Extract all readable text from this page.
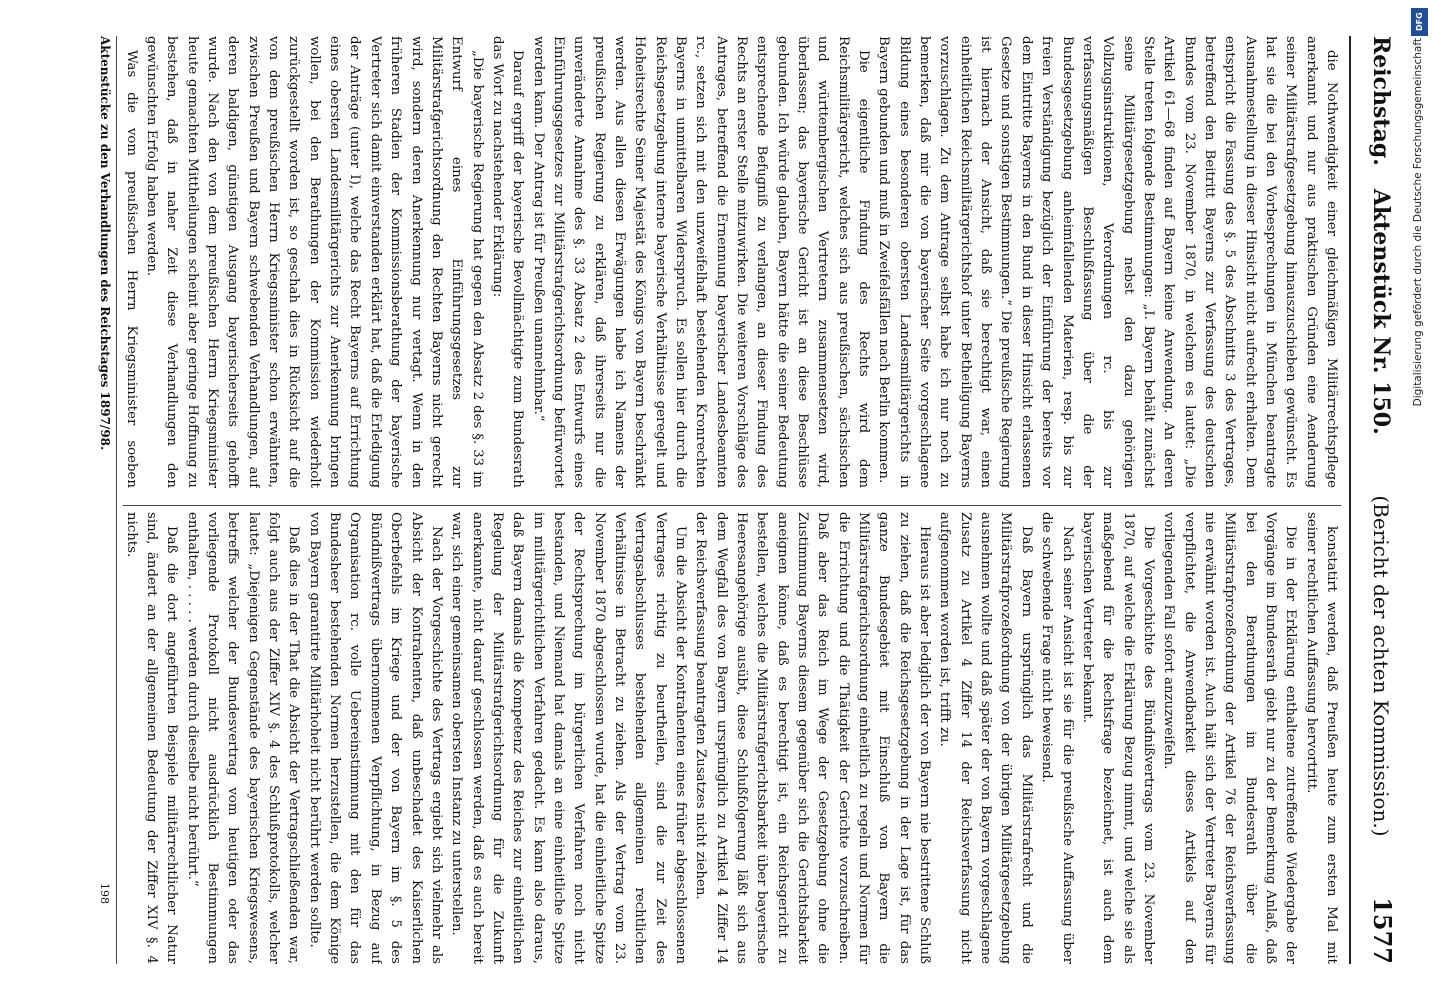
Reichstag.   Aktenstück Nr. 150.
(Bericht der achten Kommission.)
1577

die Nothwendigkeit einer gleichmäßigen Militärrechtspflege anerkannt und nur aus praktischen Gründen eine Aenderung seiner Militärstrafgesetzgebung hinauszuschieben gewünscht. Es hat sie die bei den Vorbesprechungen in München beantragte Ausnahmestellung in dieser Hinsicht nicht aufrecht erhalten. Dem entspricht die Fassung des §. 5 des Abschnitts 3 des Vertrages, betreffend den Beitritt Bayerns zur Verfassung des deutschen Bundes vom 23. November 1870, in welchem es lautet: „Die Artikel 61—68 finden auf Bayern keine Anwendung. An deren Stelle treten folgende Bestimmungen: „I. Bayern behält zunächst seine Militärgesetzgebung nebst den dazu gehörigen Vollzugsinstruktionen, Verordnungen rc. bis zur verfassungsmäßigen Beschlußfassung über die der Bundesgesetzgebung anheimfallenden Materien, resp. bis zur freien Verständigung bezüglich der Einführung der bereits vor dem Eintritte Bayerns in den Bund in dieser Hinsicht erlassenen Gesetze und sonstigen Bestimmungen.“ Die preußische Regierung ist hiernach der Ansicht, daß sie berechtigt war, einen einheitlichen Reichsmilitärgerichtshof unter Betheiligung Bayerns vorzuschlagen. Zu dem Antrage selbst habe ich nur noch zu bemerken, daß mir die von bayerischer Seite vorgeschlagene Bildung eines besonderen obersten Landesmilitärgerichts in Bayern gebunden und muß in Zweifelsfällen nach Berlin kommen.

Die eigentliche Findung des Rechts wird dem Reichsmilitärgericht, welches sich aus preußischen, sächsischen und württembergischen Vertretern zusammensetzen wird, überlassen; das bayerische Gericht ist an diese Beschlüsse gebunden. Ich würde glauben, Bayern hätte die seiner Bedeutung entsprechende Befugniß zu verlangen, an dieser Findung des Rechts an erster Stelle mitzuwirken. Die weiteren Vorschläge des Antrages, betreffend die Ernennung bayerischer Landesbeamten rc., setzen sich mit den unzweifelhaft bestehenden Kronrechten Bayerns in unmittelbaren Widerspruch. Es sollen hier durch die Reichsgesetzgebung interne bayerische Verhältnisse geregelt und Hoheitsrechte Seiner Majestät des Königs von Bayern beschränkt werden. Aus allen diesen Erwägungen habe ich Namens der preußischen Regierung zu erklären, daß ihrerseits nur die unveränderte Annahme des §. 33 Absatz 2 des Entwurfs eines Einführungsgesetzes zur Militärstrafgerichtsordnung befürwortet werden kann. Der Antrag ist für Preußen unannehmbar.“

Darauf ergriff der bayerische Bevollmächtigte zum Bundesrath das Wort zu nachstehender Erklärung:

„Die bayerische Regierung hat gegen den Absatz 2 des §. 33 im Entwurf eines Einführungsgesetzes zur Militärstrafgerichtsordnung den Rechten Bayerns nicht gerecht wird, sondern deren Anerkennung nur vertagt. Wenn in den früheren Stadien der Kommissionsberathung der bayerische Vertreter sich damit einverstanden erklärt hat, daß die Erledigung der Anträge (unter I), welche das Recht Bayerns auf Errichtung eines obersten Landesmilitärgerichts zur Anerkennung bringen wollen, bei den Berathungen der Kommission wiederholt zurückgestellt worden ist, so geschah dies in Rücksicht auf die von dem preußischen Herrn Kriegsminister schon erwähnten, zwischen Preußen und Bayern schwebenden Verhandlungen, auf deren baldigen, günstigen Ausgang bayerischerseits gehofft wurde. Nach den von dem preußischen Herrn Kriegsminister heute gemachten Mittheilungen scheint aber geringe Hoffnung zu bestehen, daß in naher Zeit diese Verhandlungen den gewünschten Erfolg haben werden.

Was die vom preußischen Herrn Kriegsminister soeben

konstatirt werden, daß Preußen heute zum ersten Mal mit seiner rechtlichen Auffassung hervortritt.

Die in der Erklärung enthaltene zutreffende Wiedergabe der Vorgänge im Bundesrath giebt nur zu der Bemerkung Anlaß, daß bei den Berathungen im Bundesrath über die Militärstrafprozeßordnung der Artikel 76 der Reichsverfassung nie erwähnt worden ist. Auch hält sich der Vertreter Bayerns für verpflichtet, die Anwendbarkeit dieses Artikels auf den vorliegenden Fall sofort anzuzweifeln.

Die Vorgeschichte des Bündnißvertrags vom 23. November 1870, auf welche die Erklärung Bezug nimmt, und welche sie als maßgebend für die Rechtsfrage bezeichnet, ist auch dem bayerischen Vertreter bekannt.

Nach seiner Ansicht ist sie für die preußische Auffassung über die schwebende Frage nicht beweisend.

Daß Bayern ursprünglich das Militärstrafrecht und die Militärstrafprozeßordnung von der übrigen Militärgesetzgebung ausnehmen wollte und daß später der von Bayern vorgeschlagene Zusatz zu Artikel 4 Ziffer 14 der Reichsverfassung nicht aufgenommen worden ist, trifft zu.

Hieraus ist aber lediglich der von Bayern nie bestrittene Schluß zu ziehen, daß die Reichsgesetzgebung in der Lage ist, für das ganze Bundesgebiet mit Einschluß von Bayern die Militärstrafgerichtsordnung einheitlich zu regeln und Normen für die Errichtung und die Thätigkeit der Gerichte vorzuschreiben. Daß aber das Reich im Wege der Gesetzgebung ohne die Zustimmung Bayerns diesem gegenüber sich die Gerichtsbarkeit aneignen könne, daß es berechtigt ist, ein Reichsgericht zu bestellen, welches die Militärstrafgerichtsbarkeit über bayerische Heeresangehörige ausübt, diese Schlußfolgerung läßt sich aus dem Wegfall des von Bayern ursprünglich zu Artikel 4 Ziffer 14 der Reichsverfassung beantragten Zusatzes nicht ziehen.

Um die Absicht der Kontrahenten eines früher abgeschlossenen Vertrages richtig zu beurtheilen, sind die zur Zeit des Vertragsabschlusses bestehenden allgemeinen rechtlichen Verhältnisse in Betracht zu ziehen. Als der Vertrag vom 23. November 1870 abgeschlossen wurde, hat die einheitliche Spitze der Rechtsprechung im bürgerlichen Verfahren noch nicht bestanden, und Niemand hat damals an eine einheitliche Spitze im militärgerichtlichen Verfahren gedacht. Es kann also daraus, daß Bayern damals die Kompetenz des Reiches zur einheitlichen Regelung der Militärstrafgerichtsordnung für die Zukunft anerkannte, nicht darauf geschlossen werden, daß es auch bereit war, sich einer gemeinsamen obersten Instanz zu unterstellen.

Nach der Vorgeschichte des Vertrags ergiebt sich vielmehr als Absicht der Kontrahenten, daß unbeschadet des Kaiserlichen Oberbefehls im Kriege und der von Bayern im §. 5 des Bündnißvertrags übernommenen Verpflichtung, in Bezug auf Organisation rc. volle Uebereinstimmung mit den für das Bundesheer bestehenden Normen herzustellen, die dem Könige von Bayern garantirte Militärhoheit nicht berührt werden sollte.

Daß dies in der That die Absicht der Vertragschließenden war, folgt auch aus der Ziffer XIV §. 4 des Schlußprotokolls, welcher lautet: „Diejenigen Gegenstände des bayerischen Kriegswesens, betreffs welcher der Bundesvertrag vom heutigen oder das vorliegende Protokoll nicht ausdrücklich Bestimmungen enthalten, . . . . . werden durch dieselbe nicht berührt.“

Daß die dort angeführten Beispiele militärrechtlicher Natur sind, ändert an der allgemeinen Bedeutung der Ziffer XIV §. 4 nichts.

Aktenstücke zu den Verhandlungen des Reichstages 1897/98.
198
DFG
Digitalisierung gefördert durch die Deutsche Forschungsgemeinschaft
